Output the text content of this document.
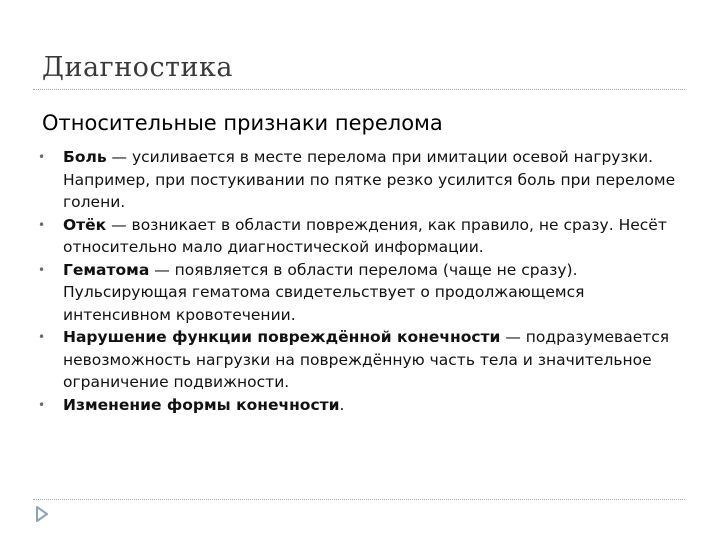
Диагностика
Относительные признаки перелома
• Боль — усиливается в месте перелома при имитации осевой нагрузки. Например, при постукивании по пятке резко усилится боль при переломе голени.
• Отёк — возникает в области повреждения, как правило, не сразу. Несёт относительно мало диагностической информации.
• Гематома — появляется в области перелома (чаще не сразу). Пульсирующая гематома свидетельствует о продолжающемся интенсивном кровотечении.
• Нарушение функции повреждённой конечности — подразумевается невозможность нагрузки на повреждённую часть тела и значительное ограничение подвижности.
• Изменение формы конечности.
